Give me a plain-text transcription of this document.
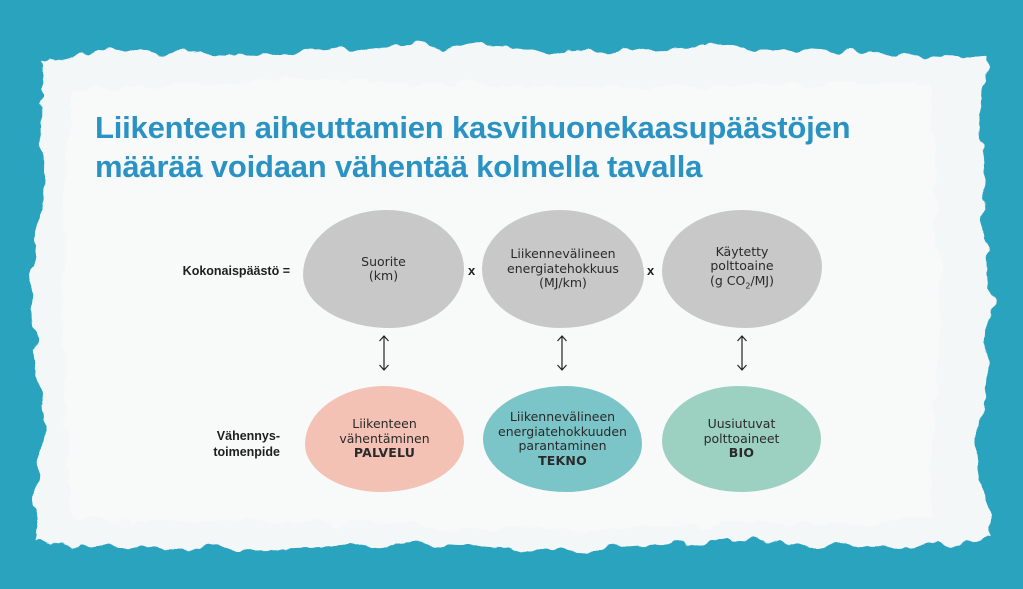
Liikenteen aiheuttamien kasvihuonekaasupäästöjen
määrää voidaan vähentää kolmella tavalla
Kokonaispäästö =
Suorite
(km)	x
Liikennevälineen
energiatehokkuus
(MJ/km)
x
Käytetty
polttoaine
(g $CO_2/MJ$)
Vähennys-
toimenpide
Liikenteen
vähentäminen
PALVELU
Liikennevälineen
energiatehokkuuden
parantaminen
TEKNO
Uusiutuvat
polttoaineet
BIO
